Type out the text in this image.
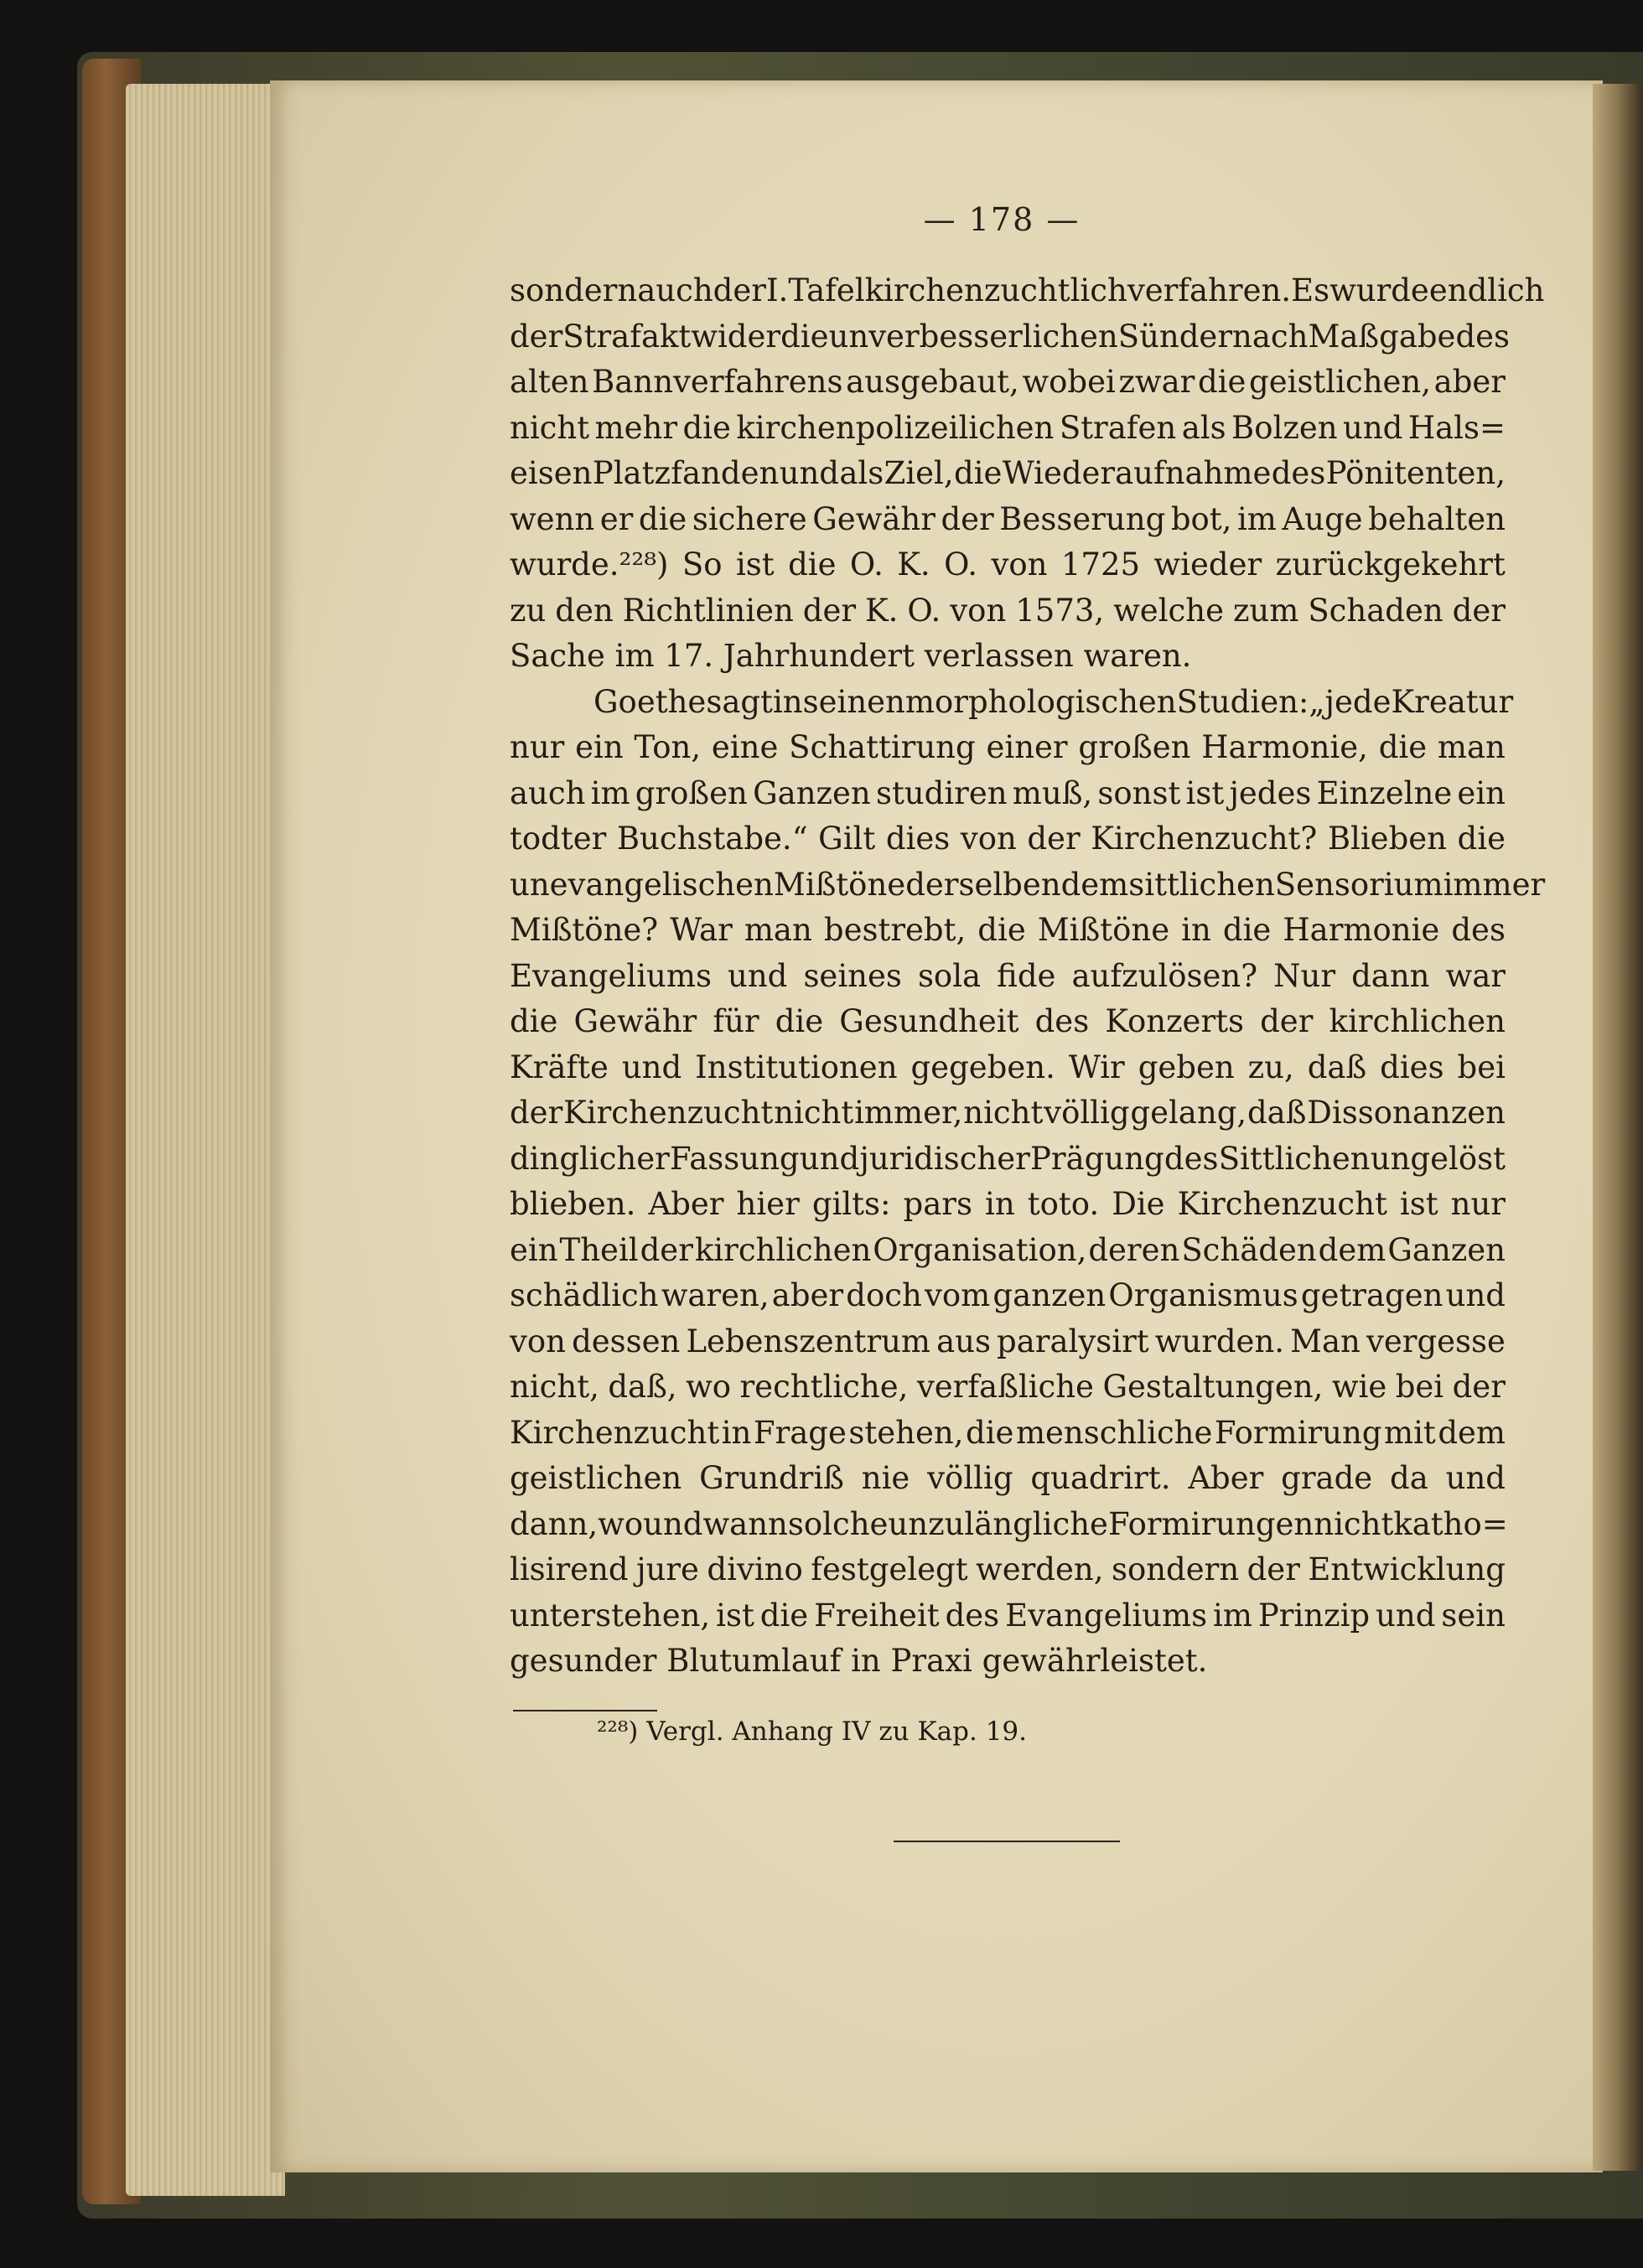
— 178 —
sondern auch der I. Tafel kirchenzuchtlich verfahren. Es wurde endlich
der Strafakt wider die unverbesserlichen Sünder nach Maßgabe des
alten Bannverfahrens ausgebaut, wobei zwar die geistlichen, aber
nicht mehr die kirchenpolizeilichen Strafen als Bolzen und Hals=
eisen Platz fanden und als Ziel, die Wiederaufnahme des Pönitenten,
wenn er die sichere Gewähr der Besserung bot, im Auge behalten
wurde.²²⁸) So ist die O. K. O. von 1725 wieder zurückgekehrt
zu den Richtlinien der K. O. von 1573, welche zum Schaden der
Sache im 17. Jahrhundert verlassen waren.
Goethe sagt in seinen morphologischen Studien: „jede Kreatur
nur ein Ton, eine Schattirung einer großen Harmonie, die man
auch im großen Ganzen studiren muß, sonst ist jedes Einzelne ein
todter Buchstabe.“ Gilt dies von der Kirchenzucht? Blieben die
unevangelischen Mißtöne derselben dem sittlichen Sensorium immer
Mißtöne? War man bestrebt, die Mißtöne in die Harmonie des
Evangeliums und seines sola fide aufzulösen? Nur dann war
die Gewähr für die Gesundheit des Konzerts der kirchlichen
Kräfte und Institutionen gegeben. Wir geben zu, daß dies bei
der Kirchenzucht nicht immer, nicht völlig gelang, daß Dissonanzen
dinglicher Fassung und juridischer Prägung des Sittlichen ungelöst
blieben. Aber hier gilts: pars in toto. Die Kirchenzucht ist nur
ein Theil der kirchlichen Organisation, deren Schäden dem Ganzen
schädlich waren, aber doch vom ganzen Organismus getragen und
von dessen Lebenszentrum aus paralysirt wurden. Man vergesse
nicht, daß, wo rechtliche, verfaßliche Gestaltungen, wie bei der
Kirchenzucht in Frage stehen, die menschliche Formirung mit dem
geistlichen Grundriß nie völlig quadrirt. Aber grade da und
dann, wo und wann solche unzulängliche Formirungen nicht katho=
lisirend jure divino festgelegt werden, sondern der Entwicklung
unterstehen, ist die Freiheit des Evangeliums im Prinzip und sein
gesunder Blutumlauf in Praxi gewährleistet.
²²⁸) Vergl. Anhang IV zu Kap. 19.
